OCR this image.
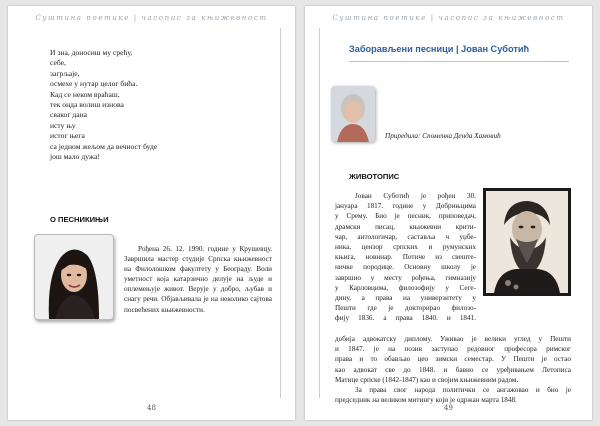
Суштина поетике | часопис за књижевност
И зна, доносиш му срећу,
себе,
загрљаје,
осмехе у нутар целог бића.
Кад се неком враћаш,
тек онда волиш изнова
сваког дана
исту њу
истог њега
са једном жељом да вечност буде
још мало дужа!
О ПЕСНИКИЊИ

Рођена 26. 12. 1990. године у Крушевцу. Завршила мастер студије Српска књижевност на Филолошком факултету у Београду. Воли уметност која катарзично делује на људе и оплемењује живот. Верује у добро, љубав и снагу речи. Објављивала је на неколико сајтова посвећених књижевности.

48
Суштина поетике | часопис за књижевност
Заборављени песници | Јован Суботић
Приредила: Споменка Денда Хамовић
ЖИВОТОПИС
Јован Суботић је рођен 30.
јануара 1817. године у Добрињцима
у Срему. Био је песник, приповедач,
драмски писац, књижевни крити-
чар, антологичар, саставља ч уџбе-
ника, цензор српских и румунских
књига, новинар. Потиче из свеште-
ничке породице. Основну школу је
завршио у месту рођења, гимназију
у Карловцима, филозофију у Сеге-
дину, а права на универзитету у
Пешти где је докторирао филозо-
фију 1836. а права 1840. и 1841.
добија адвокатску диплому. Уживао је велики углед у Пешти
и 1847. је на позив заступао редовног професора римског
права и то обављао цео зимски семестар. У Пешти је остао
као адвокат све до 1848. и бавио се уређивањем Летописа
Матице српске (1842-1847) као и својим књижевним радом.
За права свог народа политички се ангажовао и био је
председник на великом митингу који је одржан марта 1848.
49
